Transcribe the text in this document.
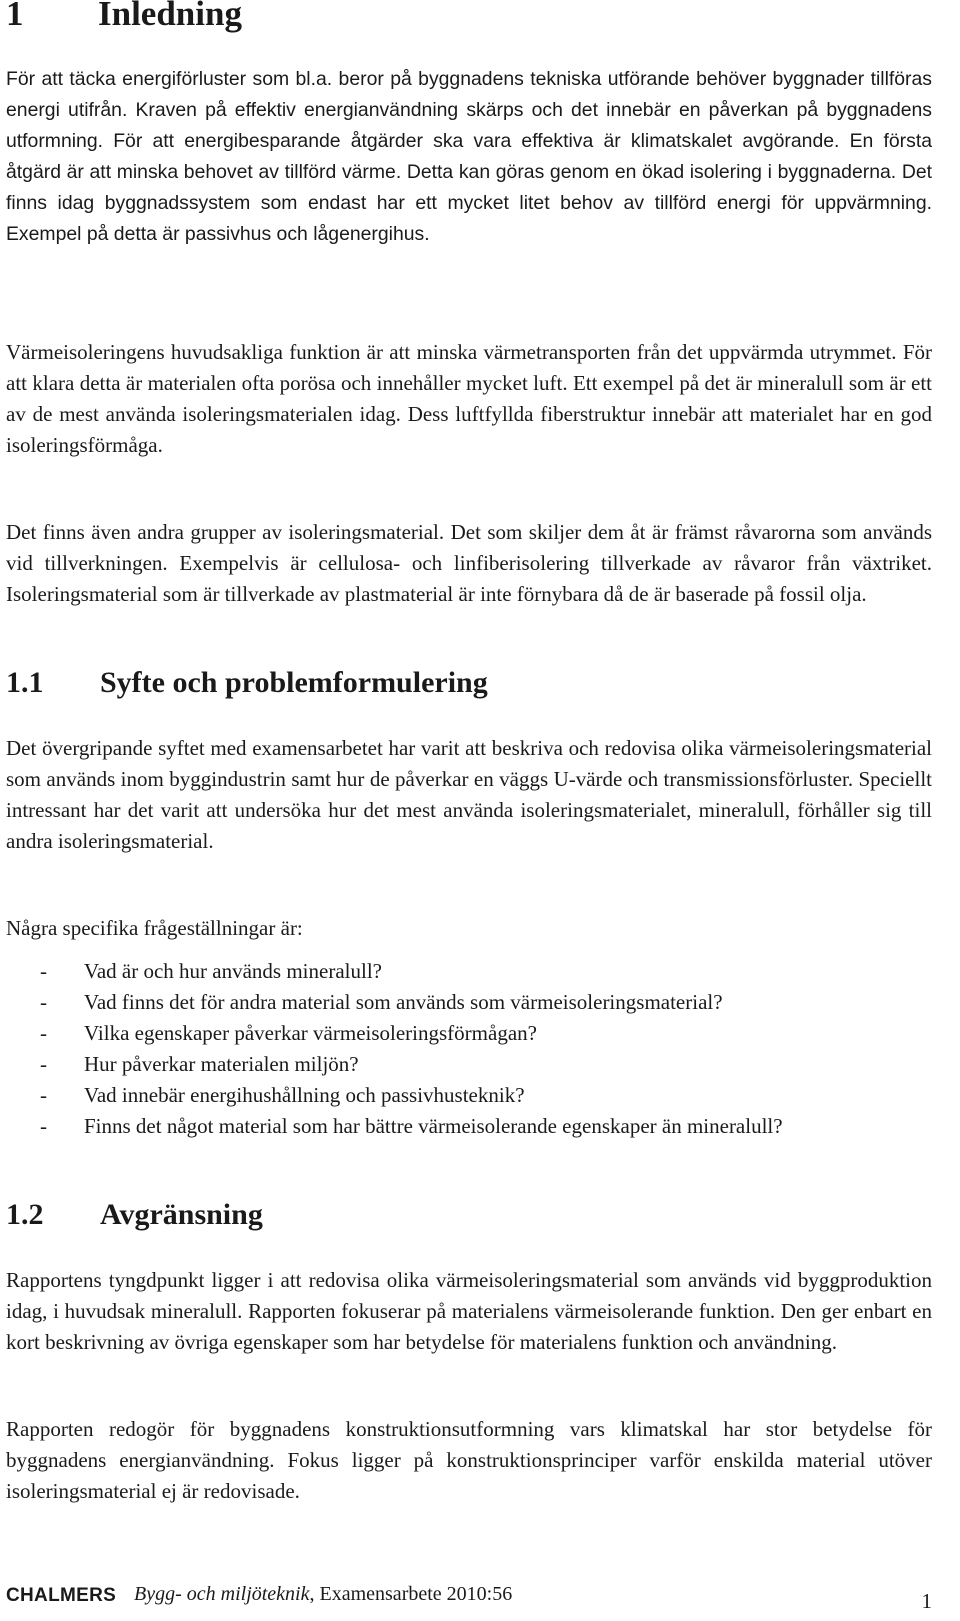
1 Inledning

För att täcka energiförluster som bl.a. beror på byggnadens tekniska utförande behöver byggnader tillföras energi utifrån. Kraven på effektiv energianvändning skärps och det innebär en påverkan på byggnadens utformning. För att energibesparande åtgärder ska vara effektiva är klimatskalet avgörande. En första åtgärd är att minska behovet av tillförd värme. Detta kan göras genom en ökad isolering i byggnaderna. Det finns idag byggnadssystem som endast har ett mycket litet behov av tillförd energi för uppvärmning. Exempel på detta är passivhus och lågenergihus.

Värmeisoleringens huvudsakliga funktion är att minska värmetransporten från det uppvärmda utrymmet. För att klara detta är materialen ofta porösa och innehåller mycket luft. Ett exempel på det är mineralull som är ett av de mest använda isoleringsmaterialen idag. Dess luftfyllda fiberstruktur innebär att materialet har en god isoleringsförmåga.

Det finns även andra grupper av isoleringsmaterial. Det som skiljer dem åt är främst råvarorna som används vid tillverkningen. Exempelvis är cellulosa- och linfiberisolering tillverkade av råvaror från växtriket. Isoleringsmaterial som är tillverkade av plastmaterial är inte förnybara då de är baserade på fossil olja.

1.1 Syfte och problemformulering

Det övergripande syftet med examensarbetet har varit att beskriva och redovisa olika värmeisoleringsmaterial som används inom byggindustrin samt hur de påverkar en väggs U-värde och transmissionsförluster. Speciellt intressant har det varit att undersöka hur det mest använda isoleringsmaterialet, mineralull, förhåller sig till andra isoleringsmaterial.

Några specifika frågeställningar är:

- Vad är och hur används mineralull?
- Vad finns det för andra material som används som värmeisoleringsmaterial?
- Vilka egenskaper påverkar värmeisoleringsförmågan?
- Hur påverkar materialen miljön?
- Vad innebär energihushållning och passivhusteknik?
- Finns det något material som har bättre värmeisolerande egenskaper än mineralull?
1.2 Avgränsning

Rapportens tyngdpunkt ligger i att redovisa olika värmeisoleringsmaterial som används vid byggproduktion idag, i huvudsak mineralull. Rapporten fokuserar på materialens värmeisolerande funktion. Den ger enbart en kort beskrivning av övriga egenskaper som har betydelse för materialens funktion och användning.

Rapporten redogör för byggnadens konstruktionsutformning vars klimatskal har stor betydelse för byggnadens energianvändning. Fokus ligger på konstruktionsprinciper varför enskilda material utöver isoleringsmaterial ej är redovisade.

CHALMERS Bygg- och miljöteknik, Examensarbete 2010:56	1
